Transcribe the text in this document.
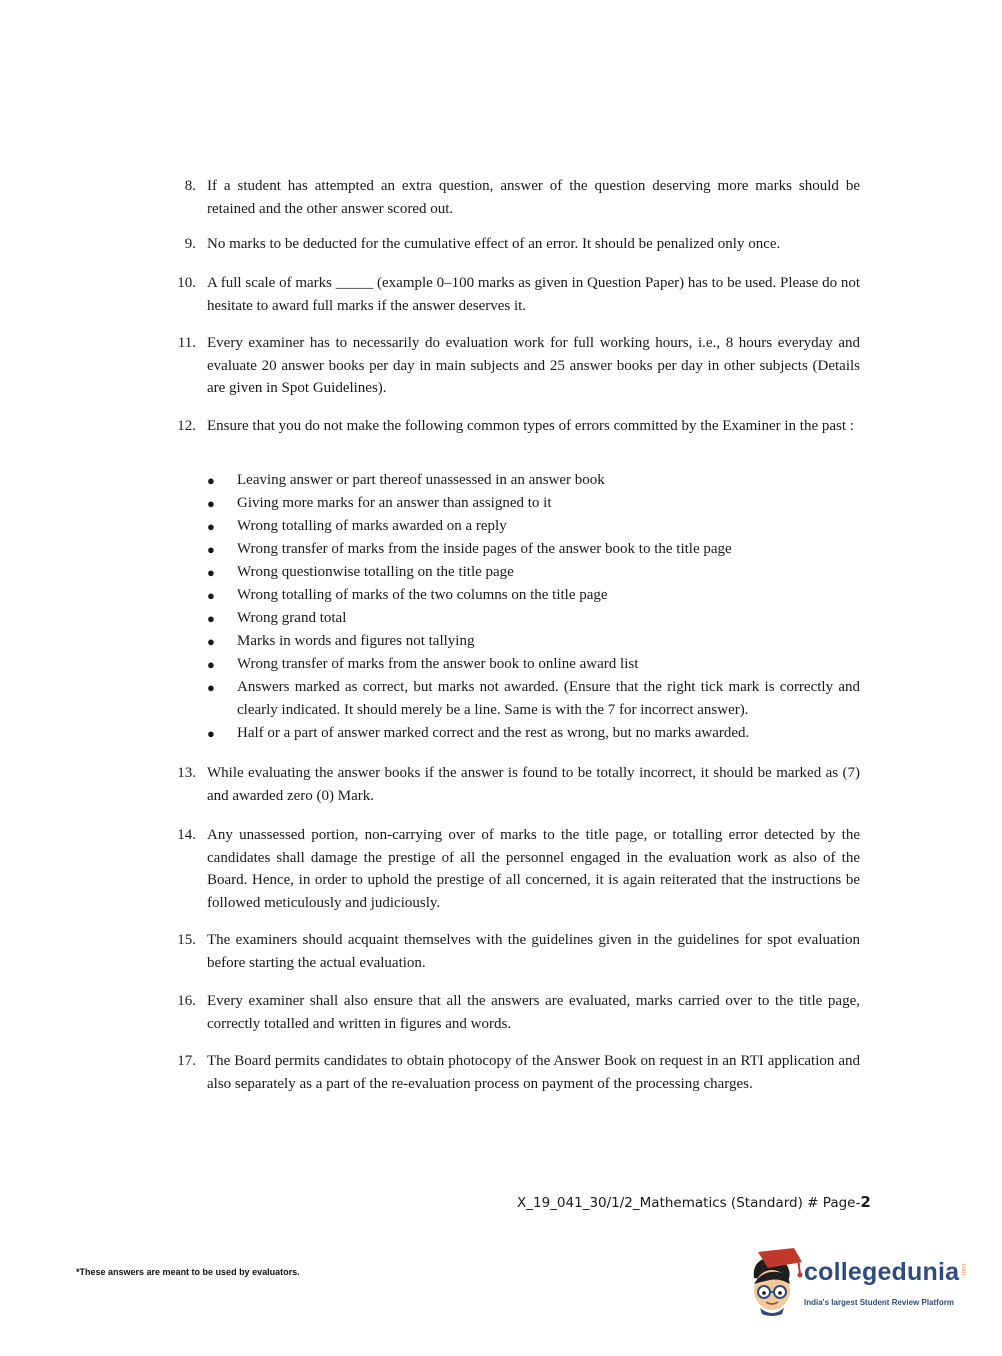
8. If a student has attempted an extra question, answer of the question deserving more marks should be retained and the other answer scored out.
9. No marks to be deducted for the cumulative effect of an error. It should be penalized only once.
10. A full scale of marks _____ (example 0–100 marks as given in Question Paper) has to be used. Please do not hesitate to award full marks if the answer deserves it.
11. Every examiner has to necessarily do evaluation work for full working hours, i.e., 8 hours everyday and evaluate 20 answer books per day in main subjects and 25 answer books per day in other subjects (Details are given in Spot Guidelines).
12. Ensure that you do not make the following common types of errors committed by the Examiner in the past :
● Leaving answer or part thereof unassessed in an answer book
● Giving more marks for an answer than assigned to it
● Wrong totalling of marks awarded on a reply
● Wrong transfer of marks from the inside pages of the answer book to the title page
● Wrong questionwise totalling on the title page
● Wrong totalling of marks of the two columns on the title page
● Wrong grand total
● Marks in words and figures not tallying
● Wrong transfer of marks from the answer book to online award list
● Answers marked as correct, but marks not awarded. (Ensure that the right tick mark is correctly and clearly indicated. It should merely be a line. Same is with the 7 for incorrect answer).
● Half or a part of answer marked correct and the rest as wrong, but no marks awarded.
13. While evaluating the answer books if the answer is found to be totally incorrect, it should be marked as (7) and awarded zero (0) Mark.
14. Any unassessed portion, non-carrying over of marks to the title page, or totalling error detected by the candidates shall damage the prestige of all the personnel engaged in the evaluation work as also of the Board. Hence, in order to uphold the prestige of all concerned, it is again reiterated that the instructions be followed meticulously and judiciously.
15. The examiners should acquaint themselves with the guidelines given in the guidelines for spot evaluation before starting the actual evaluation.
16. Every examiner shall also ensure that all the answers are evaluated, marks carried over to the title page, correctly totalled and written in figures and words.
17. The Board permits candidates to obtain photocopy of the Answer Book on request in an RTI application and also separately as a part of the re-evaluation process on payment of the processing charges.
X_19_041_30/1/2_Mathematics (Standard) # Page-2
*These answers are meant to be used by evaluators.	collegedunia .com
India's largest Student Review Platform
